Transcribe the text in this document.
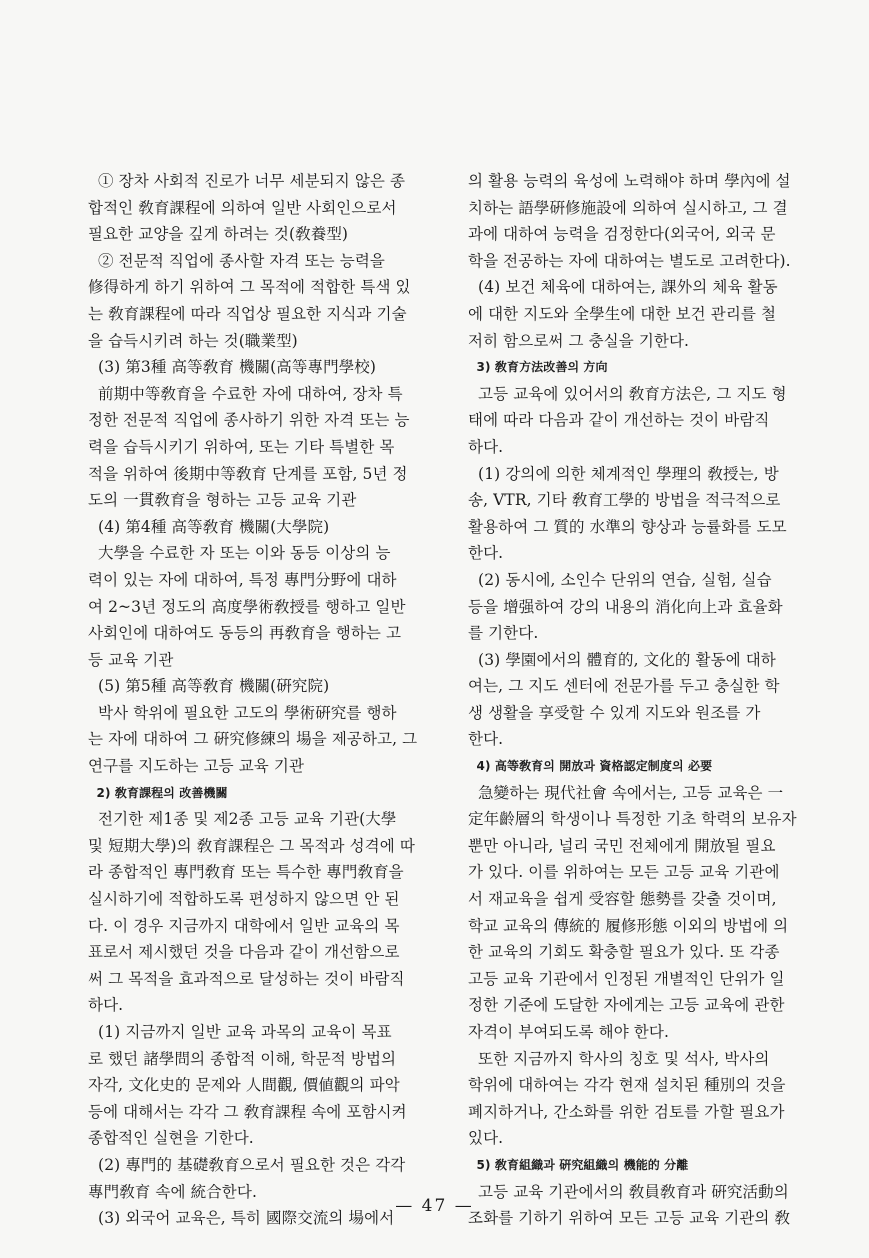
① 장차 사회적 진로가 너무 세분되지 않은 종

합적인 敎育課程에 의하여 일반 사회인으로서

필요한 교양을 깊게 하려는 것(敎養型)

② 전문적 직업에 종사할 자격 또는 능력을

修得하게 하기 위하여 그 목적에 적합한 특색 있

는 敎育課程에 따라 직업상 필요한 지식과 기술

을 습득시키려 하는 것(職業型)

(3) 第3種 高等敎育 機關(高等專門學校)

前期中等敎育을 수료한 자에 대하여, 장차 특

정한 전문적 직업에 종사하기 위한 자격 또는 능

력을 습득시키기 위하여, 또는 기타 특별한 목

적을 위하여 後期中等敎育 단계를 포함, 5년 정

도의 一貫敎育을 형하는 고등 교육 기관

(4) 第4種 高等敎育 機關(大學院)

大學을 수료한 자 또는 이와 동등 이상의 능

력이 있는 자에 대하여, 특정 專門分野에 대하

여 2~3년 정도의 高度學術敎授를 행하고 일반

사회인에 대하여도 동등의 再敎育을 행하는 고

등 교육 기관

(5) 第5種 高等敎育 機關(硏究院)

박사 학위에 필요한 고도의 學術硏究를 행하

는 자에 대하여 그 硏究修練의 場을 제공하고, 그

연구를 지도하는 고등 교육 기관

2) 敎育課程의 改善機關

전기한 제1종 및 제2종 고등 교육 기관(大學

및 短期大學)의 敎育課程은 그 목적과 성격에 따

라 종합적인 專門敎育 또는 특수한 專門敎育을

실시하기에 적합하도록 편성하지 않으면 안 된

다. 이 경우 지금까지 대학에서 일반 교육의 목

표로서 제시했던 것을 다음과 같이 개선함으로

써 그 목적을 효과적으로 달성하는 것이 바람직

하다.

(1) 지금까지 일반 교육 과목의 교육이 목표

로 했던 諸學問의 종합적 이해, 학문적 방법의

자각, 文化史的 문제와 人間觀, 價値觀의 파악

등에 대해서는 각각 그 敎育課程 속에 포함시켜

종합적인 실현을 기한다.

(2) 專門的 基礎敎育으로서 필요한 것은 각각

專門敎育 속에 統合한다.

(3) 외국어 교육은, 특히 國際交流의 場에서

의 활용 능력의 육성에 노력해야 하며 學內에 설

치하는 語學硏修施設에 의하여 실시하고, 그 결

과에 대하여 능력을 검정한다(외국어, 외국 문

학을 전공하는 자에 대하여는 별도로 고려한다).

(4) 보건 체육에 대하여는, 課外의 체육 활동

에 대한 지도와 全學生에 대한 보건 관리를 철

저히 함으로써 그 충실을 기한다.

3) 敎育方法改善의 方向

고등 교육에 있어서의 敎育方法은, 그 지도 형

태에 따라 다음과 같이 개선하는 것이 바람직

하다.

(1) 강의에 의한 체계적인 學理의 敎授는, 방

송, VTR, 기타 敎育工學的 방법을 적극적으로

활용하여 그 質的 水準의 향상과 능률화를 도모

한다.

(2) 동시에, 소인수 단위의 연습, 실험, 실습

등을 增强하여 강의 내용의 消化向上과 효율화

를 기한다.

(3) 學園에서의 體育的, 文化的 활동에 대하

여는, 그 지도 센터에 전문가를 두고 충실한 학

생 생활을 享受할 수 있게 지도와 원조를 가

한다.

4) 高等敎育의 開放과 資格認定制度의 必要

急變하는 現代社會 속에서는, 고등 교육은 一

定年齡層의 학생이나 특정한 기초 학력의 보유자

뿐만 아니라, 널리 국민 전체에게 開放될 필요

가 있다. 이를 위하여는 모든 고등 교육 기관에

서 재교육을 쉽게 受容할 態勢를 갖출 것이며,

학교 교육의 傳統的 履修形態 이외의 방법에 의

한 교육의 기회도 확충할 필요가 있다. 또 각종

고등 교육 기관에서 인정된 개별적인 단위가 일

정한 기준에 도달한 자에게는 고등 교육에 관한

자격이 부여되도록 해야 한다.

또한 지금까지 학사의 칭호 및 석사, 박사의

학위에 대하여는 각각 현재 설치된 種別의 것을

폐지하거나, 간소화를 위한 검토를 가할 필요가

있다.

5) 敎育組織과 硏究組織의 機能的 分離

고등 교육 기관에서의 敎員敎育과 硏究活動의

조화를 기하기 위하여 모든 고등 교육 기관의 敎

— 47 —
